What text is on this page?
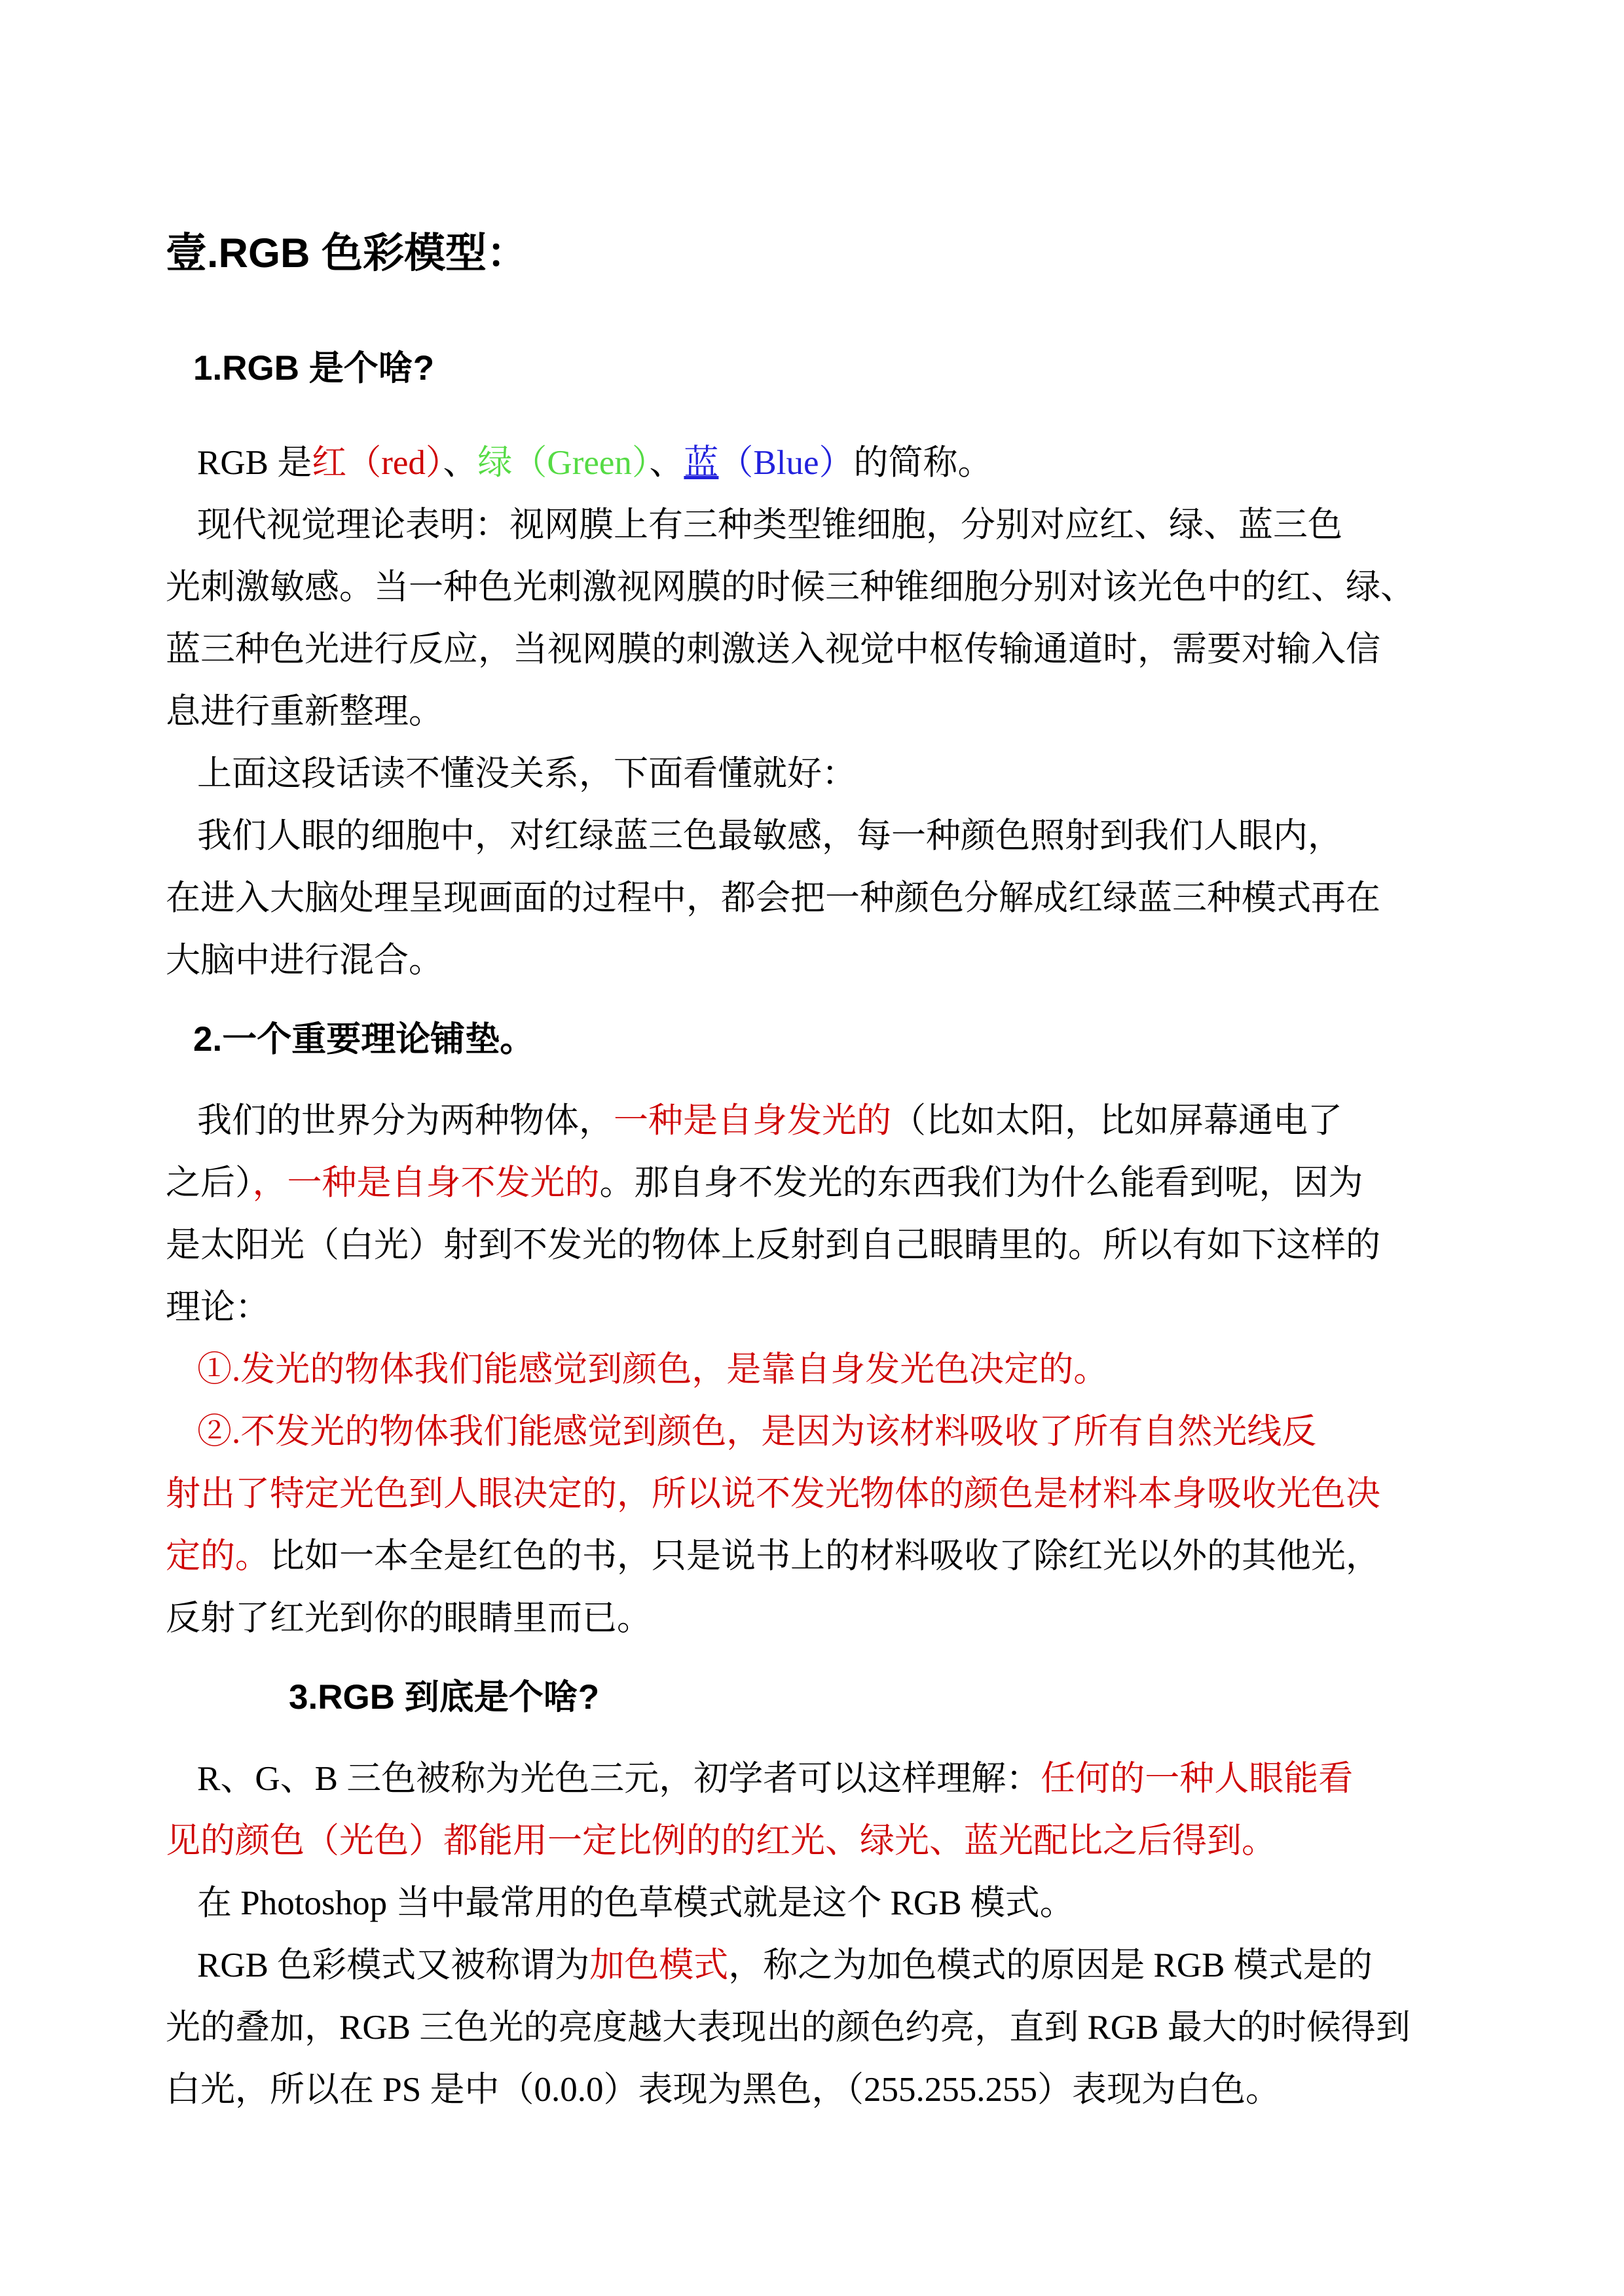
壹.RGB 色彩模型：
1.RGB 是个啥?
RGB 是红（red）、绿（Green）、蓝（Blue）的简称。
现代视觉理论表明：视网膜上有三种类型锥细胞，分别对应红、绿、蓝三色
光刺激敏感。当一种色光刺激视网膜的时候三种锥细胞分别对该光色中的红、绿、
蓝三种色光进行反应，当视网膜的刺激送入视觉中枢传输通道时，需要对输入信
息进行重新整理。
上面这段话读不懂没关系，下面看懂就好：
我们人眼的细胞中，对红绿蓝三色最敏感，每一种颜色照射到我们人眼内，
在进入大脑处理呈现画面的过程中，都会把一种颜色分解成红绿蓝三种模式再在
大脑中进行混合。
2.一个重要理论铺垫。
我们的世界分为两种物体，一种是自身发光的（比如太阳，比如屏幕通电了
之后），一种是自身不发光的。那自身不发光的东西我们为什么能看到呢，因为
是太阳光（白光）射到不发光的物体上反射到自己眼睛里的。所以有如下这样的
理论：
①.发光的物体我们能感觉到颜色，是靠自身发光色决定的。
②.不发光的物体我们能感觉到颜色，是因为该材料吸收了所有自然光线反
射出了特定光色到人眼决定的，所以说不发光物体的颜色是材料本身吸收光色决
定的。比如一本全是红色的书，只是说书上的材料吸收了除红光以外的其他光，
反射了红光到你的眼睛里而已。
3.RGB 到底是个啥?
R、G、B 三色被称为光色三元，初学者可以这样理解：任何的一种人眼能看
见的颜色（光色）都能用一定比例的的红光、绿光、蓝光配比之后得到。
在 Photoshop 当中最常用的色草模式就是这个 RGB 模式。
RGB 色彩模式又被称谓为加色模式，称之为加色模式的原因是 RGB 模式是的
光的叠加，RGB 三色光的亮度越大表现出的颜色约亮，直到 RGB 最大的时候得到
白光，所以在 PS 是中（0.0.0）表现为黑色，（255.255.255）表现为白色。
